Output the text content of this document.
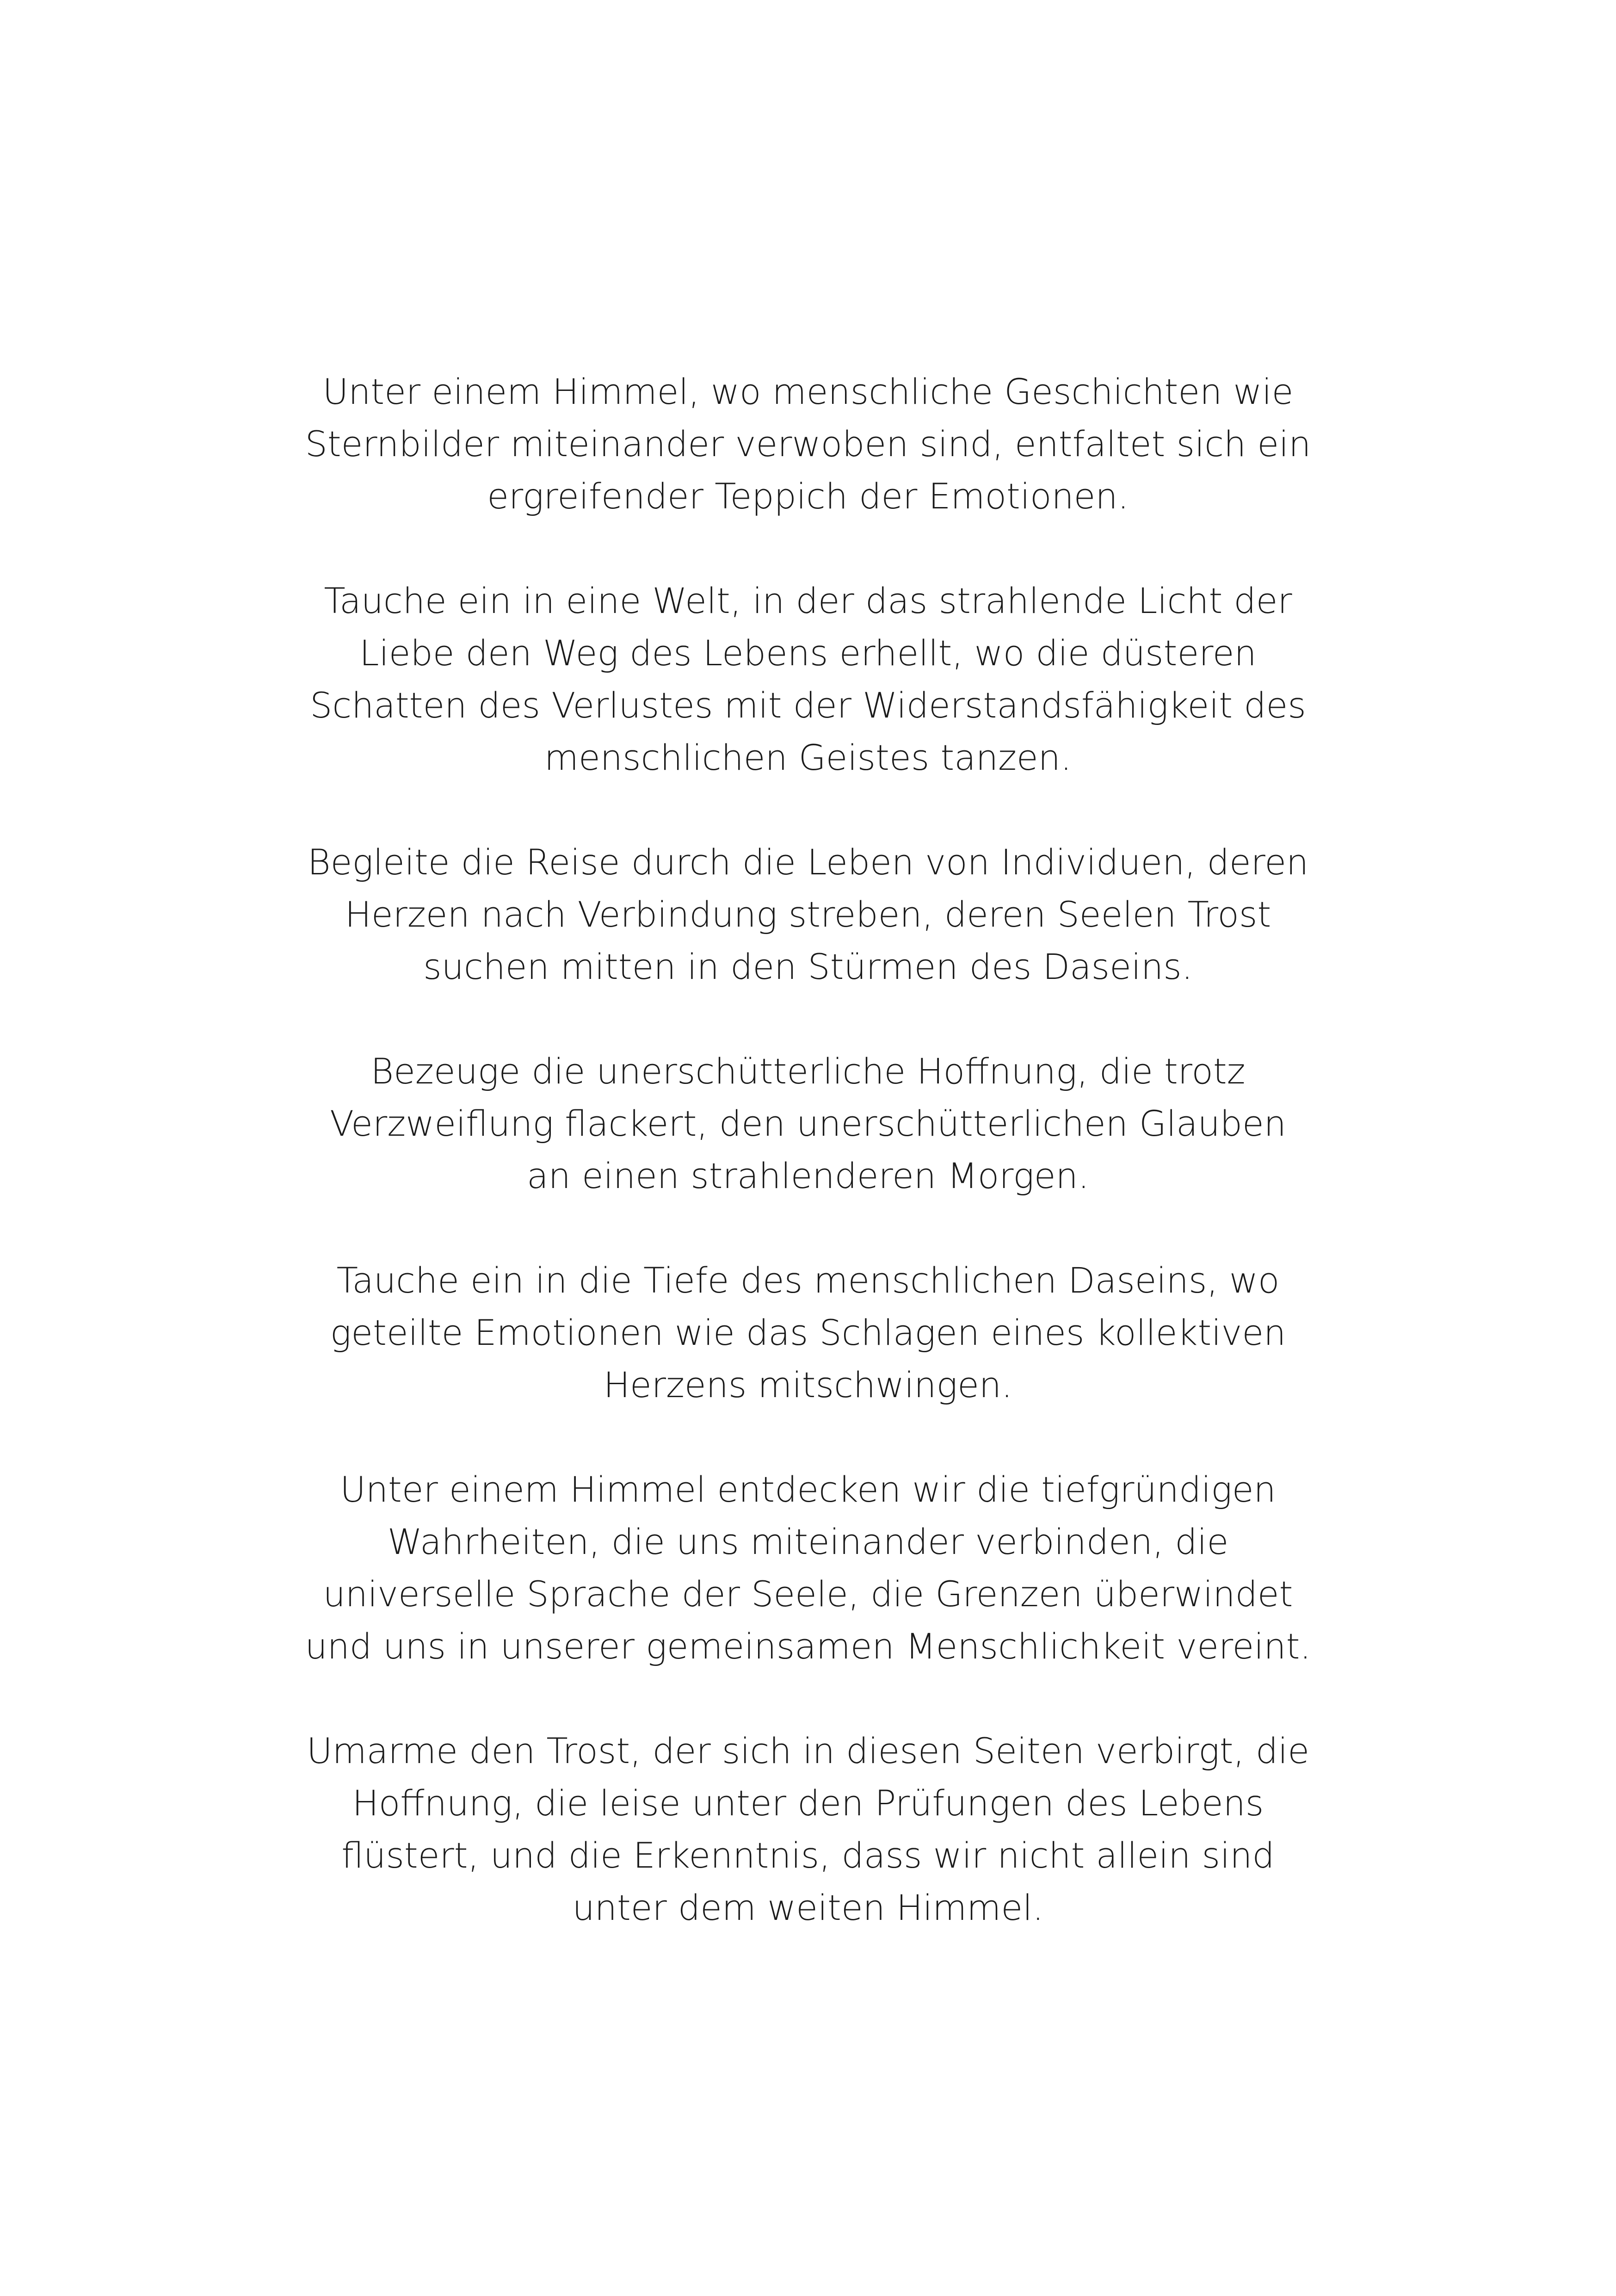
Unter einem Himmel, wo menschliche Geschichten wie
Sternbilder miteinander verwoben sind, entfaltet sich ein
ergreifender Teppich der Emotionen.

Tauche ein in eine Welt, in der das strahlende Licht der
Liebe den Weg des Lebens erhellt, wo die düsteren
Schatten des Verlustes mit der Widerstandsfähigkeit des
menschlichen Geistes tanzen.

Begleite die Reise durch die Leben von Individuen, deren
Herzen nach Verbindung streben, deren Seelen Trost
suchen mitten in den Stürmen des Daseins.

Bezeuge die unerschütterliche Hoffnung, die trotz
Verzweiflung flackert, den unerschütterlichen Glauben
an einen strahlenderen Morgen.

Tauche ein in die Tiefe des menschlichen Daseins, wo
geteilte Emotionen wie das Schlagen eines kollektiven
Herzens mitschwingen.

Unter einem Himmel entdecken wir die tiefgründigen
Wahrheiten, die uns miteinander verbinden, die
universelle Sprache der Seele, die Grenzen überwindet
und uns in unserer gemeinsamen Menschlichkeit vereint.

Umarme den Trost, der sich in diesen Seiten verbirgt, die
Hoffnung, die leise unter den Prüfungen des Lebens
flüstert, und die Erkenntnis, dass wir nicht allein sind
unter dem weiten Himmel.
